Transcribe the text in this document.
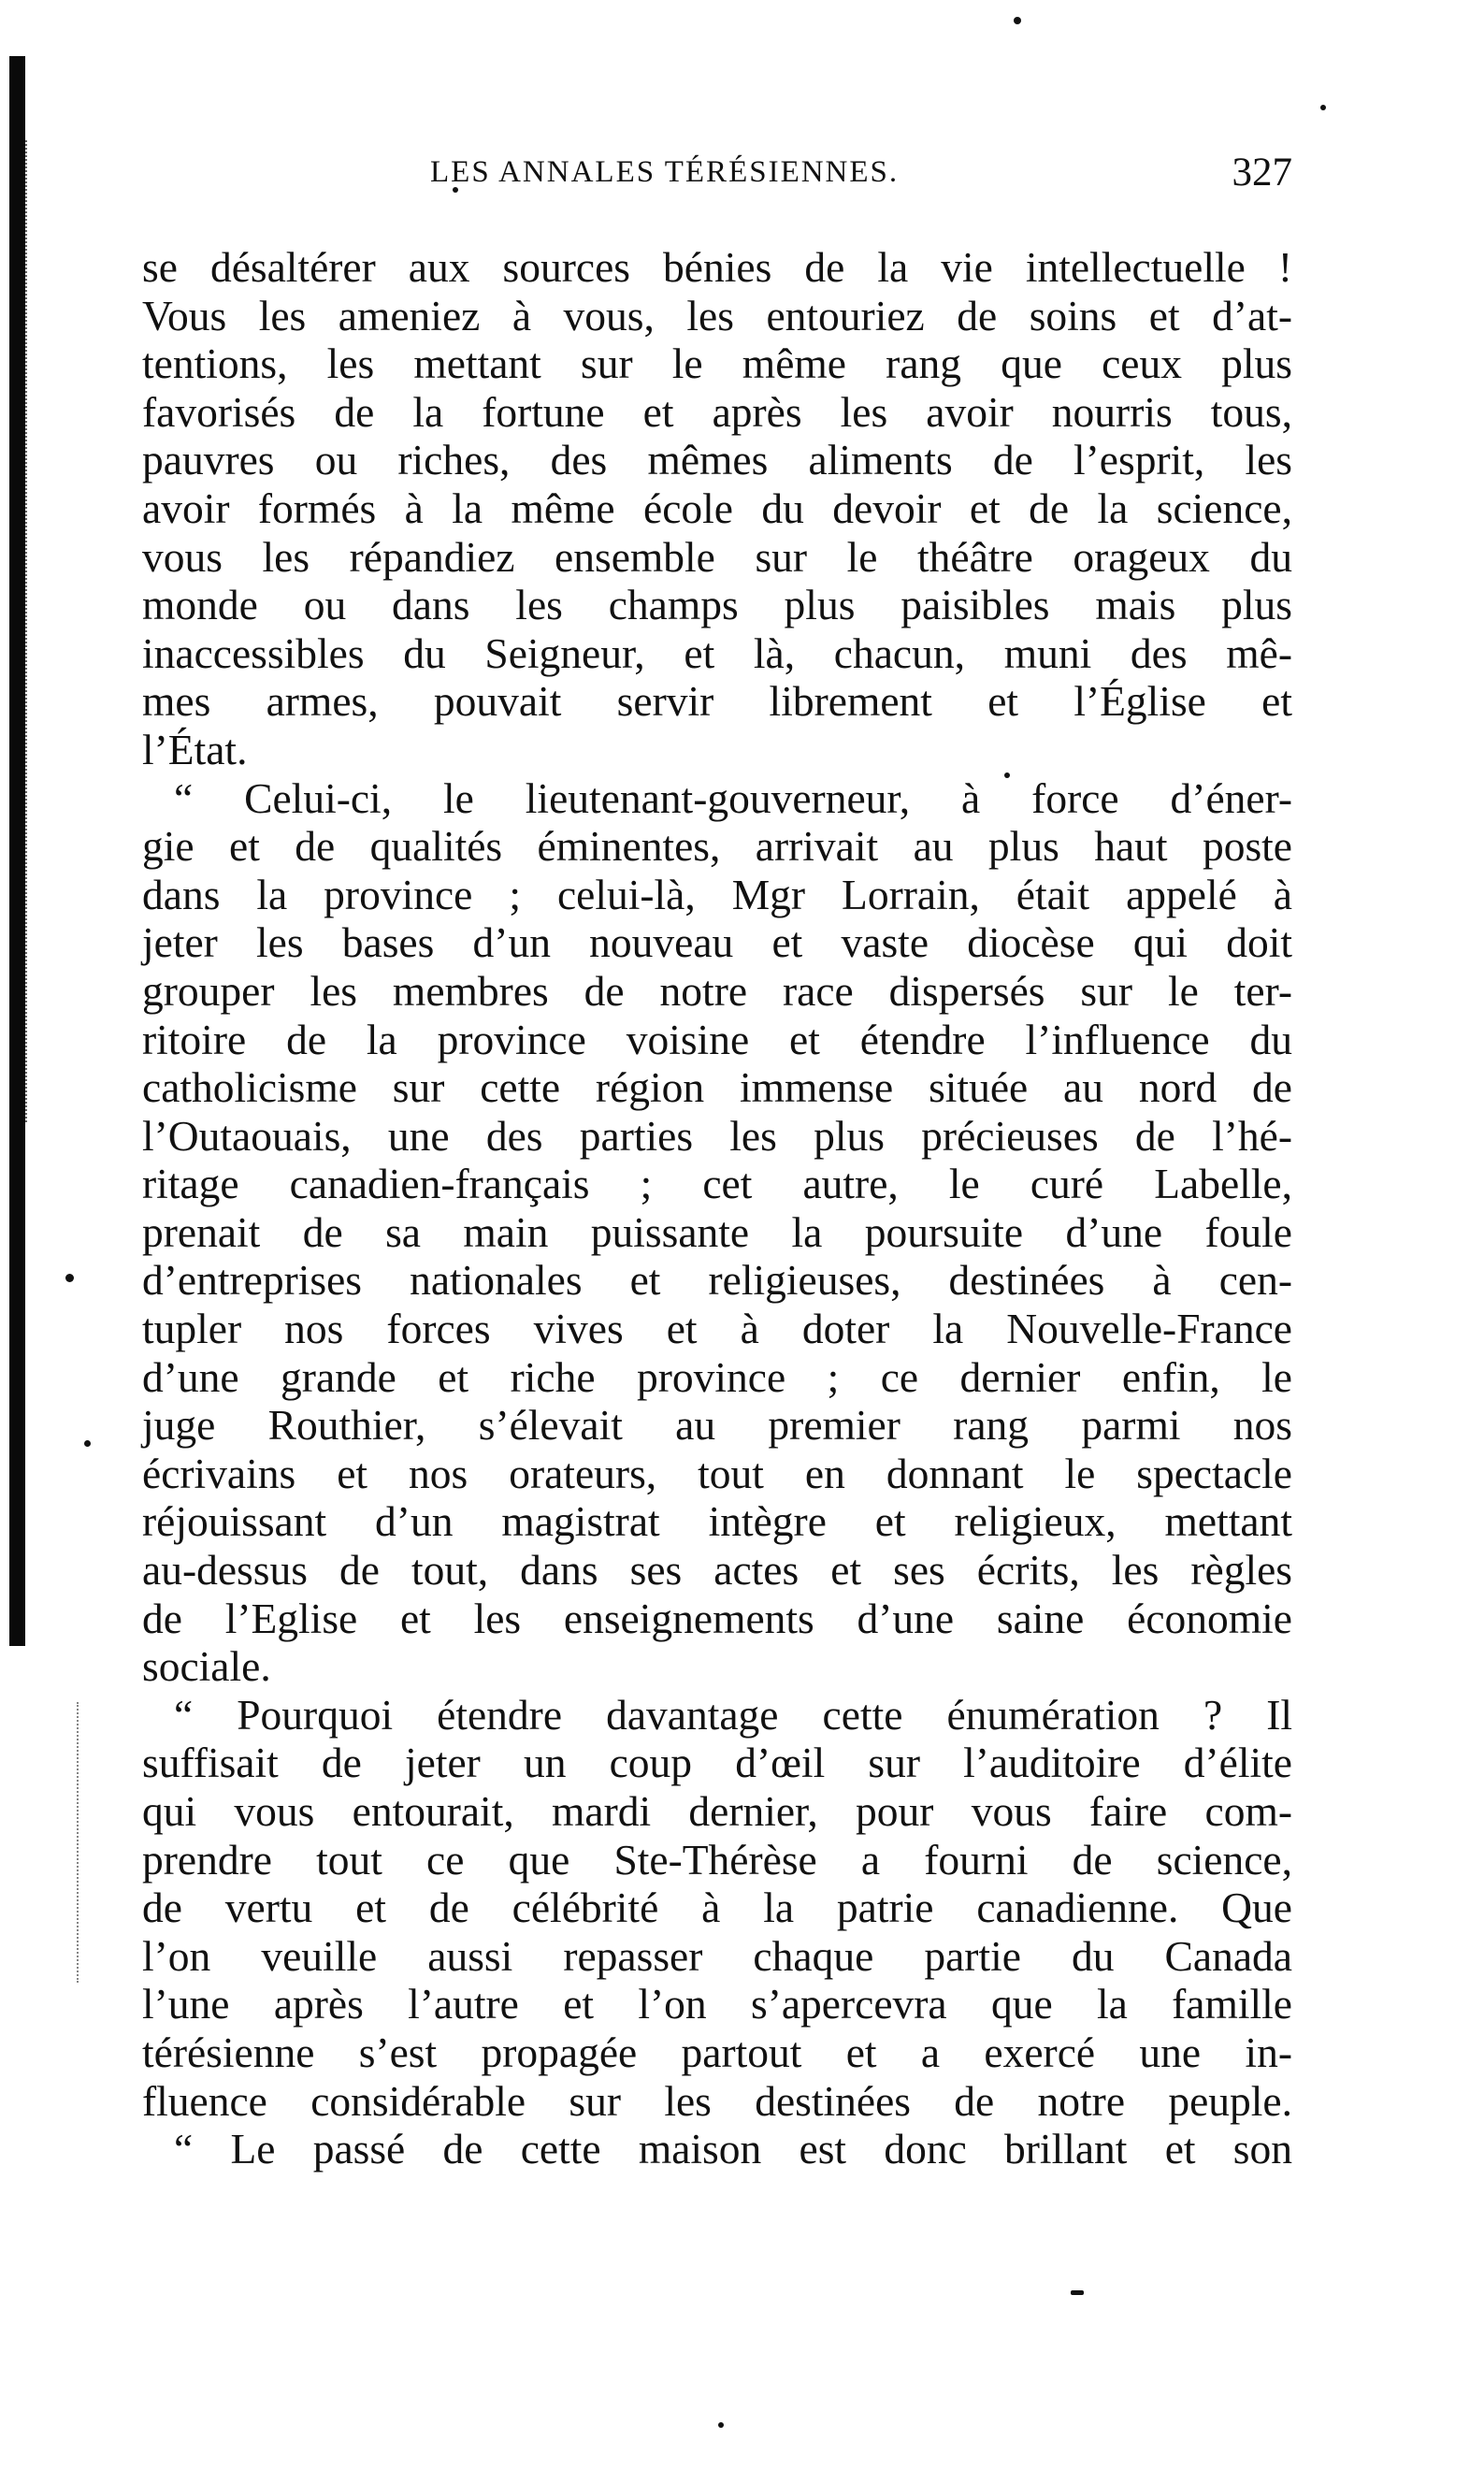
LES ANNALES TÉRÉSIENNES.	327
se désaltérer aux sources bénies de la vie intellectuelle !
Vous les ameniez à vous, les entouriez de soins et d’at-
tentions, les mettant sur le même rang que ceux plus
favorisés de la fortune et après les avoir nourris tous,
pauvres ou riches, des mêmes aliments de l’esprit, les
avoir formés à la même école du devoir et de la science,
vous les répandiez ensemble sur le théâtre orageux du
monde ou dans les champs plus paisibles mais plus
inaccessibles du Seigneur, et là, chacun, muni des mê-
mes armes, pouvait servir librement et l’Église et
l’État.
“ Celui-ci, le lieutenant-gouverneur, à force d’éner-
gie et de qualités éminentes, arrivait au plus haut poste
dans la province ; celui-là, Mgr Lorrain, était appelé à
jeter les bases d’un nouveau et vaste diocèse qui doit
grouper les membres de notre race dispersés sur le ter-
ritoire de la province voisine et étendre l’influence du
catholicisme sur cette région immense située au nord de
l’Outaouais, une des parties les plus précieuses de l’hé-
ritage canadien-français ; cet autre, le curé Labelle,
prenait de sa main puissante la poursuite d’une foule
d’entreprises nationales et religieuses, destinées à cen-
tupler nos forces vives et à doter la Nouvelle-France
d’une grande et riche province ; ce dernier enfin, le
juge Routhier, s’élevait au premier rang parmi nos
écrivains et nos orateurs, tout en donnant le spectacle
réjouissant d’un magistrat intègre et religieux, mettant
au-dessus de tout, dans ses actes et ses écrits, les règles
de l’Eglise et les enseignements d’une saine économie
sociale.
“ Pourquoi étendre davantage cette énumération ? Il
suffisait de jeter un coup d’œil sur l’auditoire d’élite
qui vous entourait, mardi dernier, pour vous faire com-
prendre tout ce que Ste-Thérèse a fourni de science,
de vertu et de célébrité à la patrie canadienne. Que
l’on veuille aussi repasser chaque partie du Canada
l’une après l’autre et l’on s’apercevra que la famille
térésienne s’est propagée partout et a exercé une in-
fluence considérable sur les destinées de notre peuple.
“ Le passé de cette maison est donc brillant et son
